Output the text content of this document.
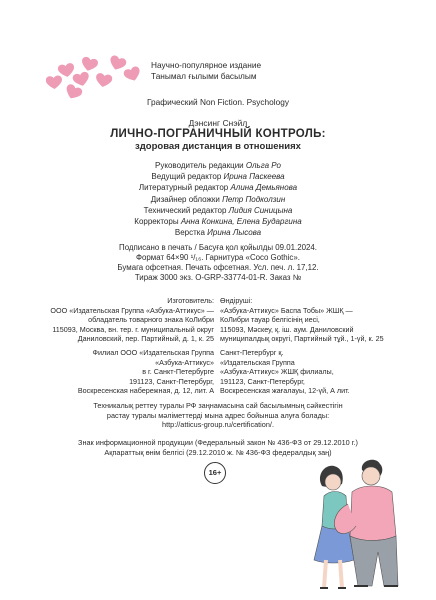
Научно-популярное издание
Танымал ғылыми басылым
Графический Non Fiction. Psychology
Дэнсинг Снэйл
ЛИЧНО-ПОГРАНИЧНЫЙ КОНТРОЛЬ:
здоровая дистанция в отношениях
Руководитель редакции Ольга Ро
Ведущий редактор Ирина Паскеева
Литературный редактор Алина Демьянова
Дизайнер обложки Петр Подколзин
Технический редактор Лидия Синицына
Корректоры Анна Конкина, Елена Бударгина
Верстка Ирина Лысова
Подписано в печать / Басуға қол қойылды 09.01.2024.
Формат 64×90 ¹/₁₆. Гарнитура «Coco Gothic».
Бумага офсетная. Печать офсетная. Усл. печ. л. 17,12.
Тираж 3000 экз. О-GRP-33774-01-R. Заказ №
Изготовитель:
ООО «Издательская Группа «Азбука-Аттикус» —
обладатель товарного знака КоЛибри
115093, Москва, вн. тер. г. муниципальный округ
Даниловский, пер. Партийный, д. 1, к. 25
Өндіруші:
«Азбука-Аттикус» Баспа Тобы» ЖШҚ —
КоЛибри тауар белгісінің иесі,
115093, Мәскеу, қ. іш. аум. Даниловский
муниципалдық округі, Партийный тұй., 1-үй, к. 25
Филиал ООО «Издательская Группа
«Азбука-Аттикус»
в г. Санкт-Петербурге
191123, Санкт-Петербург,
Воскресенская набережная, д. 12, лит. А
Санкт-Петербург қ.
«Издательская Группа
«Азбука-Аттикус» ЖШҚ филиалы,
191123, Санкт-Петербург,
Воскресенская жағалауы, 12-үй, А лит.
Техникалық реттеу туралы РФ заңнамасына сай басылымның сәйкестігін
растау туралы мәліметтерді мына адрес бойынша алуға болады:
http://atticus-group.ru/certification/.
Знак информационной продукции (Федеральный закон № 436-ФЗ от 29.12.2010 г.)
Ақпараттық өнім белгісі (29.12.2010 ж. № 436-ФЗ федералдық заң)
16+
